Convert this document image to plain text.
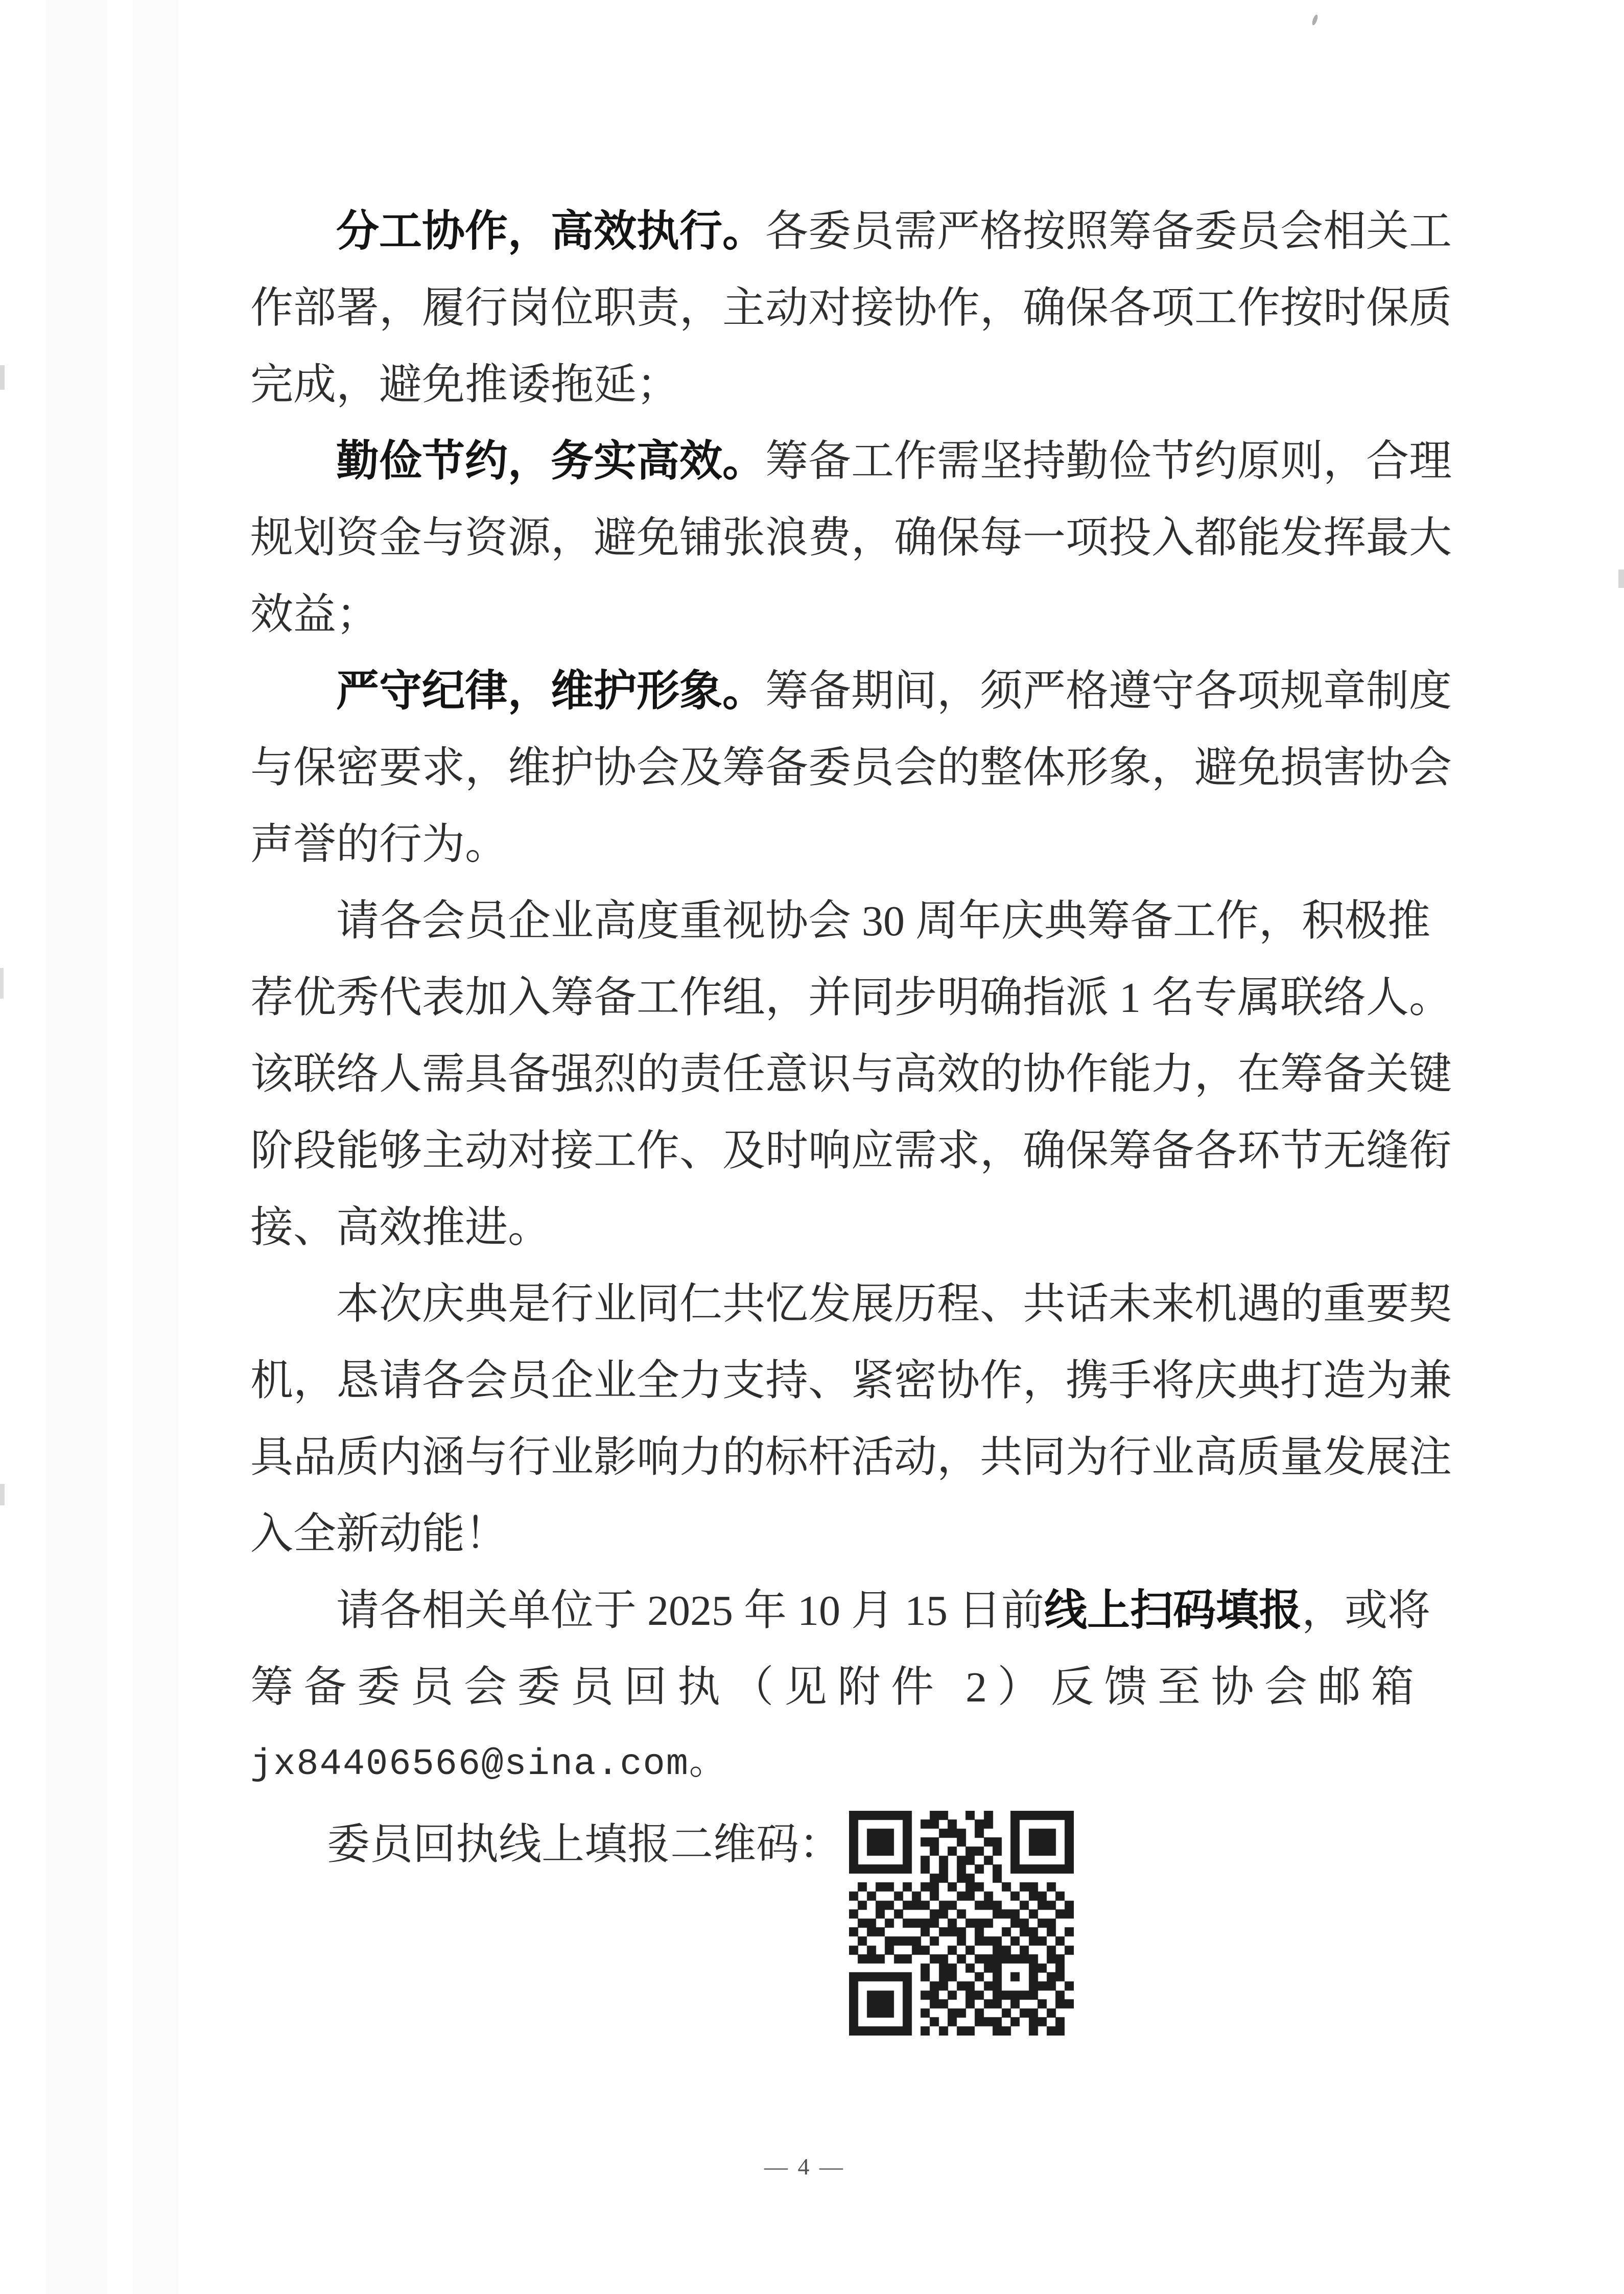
分工协作，高效执行。各委员需严格按照筹备委员会相关工
作部署，履行岗位职责，主动对接协作，确保各项工作按时保质
完成，避免推诿拖延；
勤俭节约，务实高效。筹备工作需坚持勤俭节约原则，合理
规划资金与资源，避免铺张浪费，确保每一项投入都能发挥最大
效益；
严守纪律，维护形象。筹备期间，须严格遵守各项规章制度
与保密要求，维护协会及筹备委员会的整体形象，避免损害协会
声誉的行为。
请各会员企业高度重视协会 30 周年庆典筹备工作，积极推
荐优秀代表加入筹备工作组，并同步明确指派 1 名专属联络人。
该联络人需具备强烈的责任意识与高效的协作能力，在筹备关键
阶段能够主动对接工作、及时响应需求，确保筹备各环节无缝衔
接、高效推进。
本次庆典是行业同仁共忆发展历程、共话未来机遇的重要契
机，恳请各会员企业全力支持、紧密协作，携手将庆典打造为兼
具品质内涵与行业影响力的标杆活动，共同为行业高质量发展注
入全新动能！
请各相关单位于 2025 年 10 月 15 日前线上扫码填报，或将
筹备委员会委员回执（见附件 2）反馈至协会邮箱
jx84406566@sina.com。
委员回执线上填报二维码：
— 4 —
